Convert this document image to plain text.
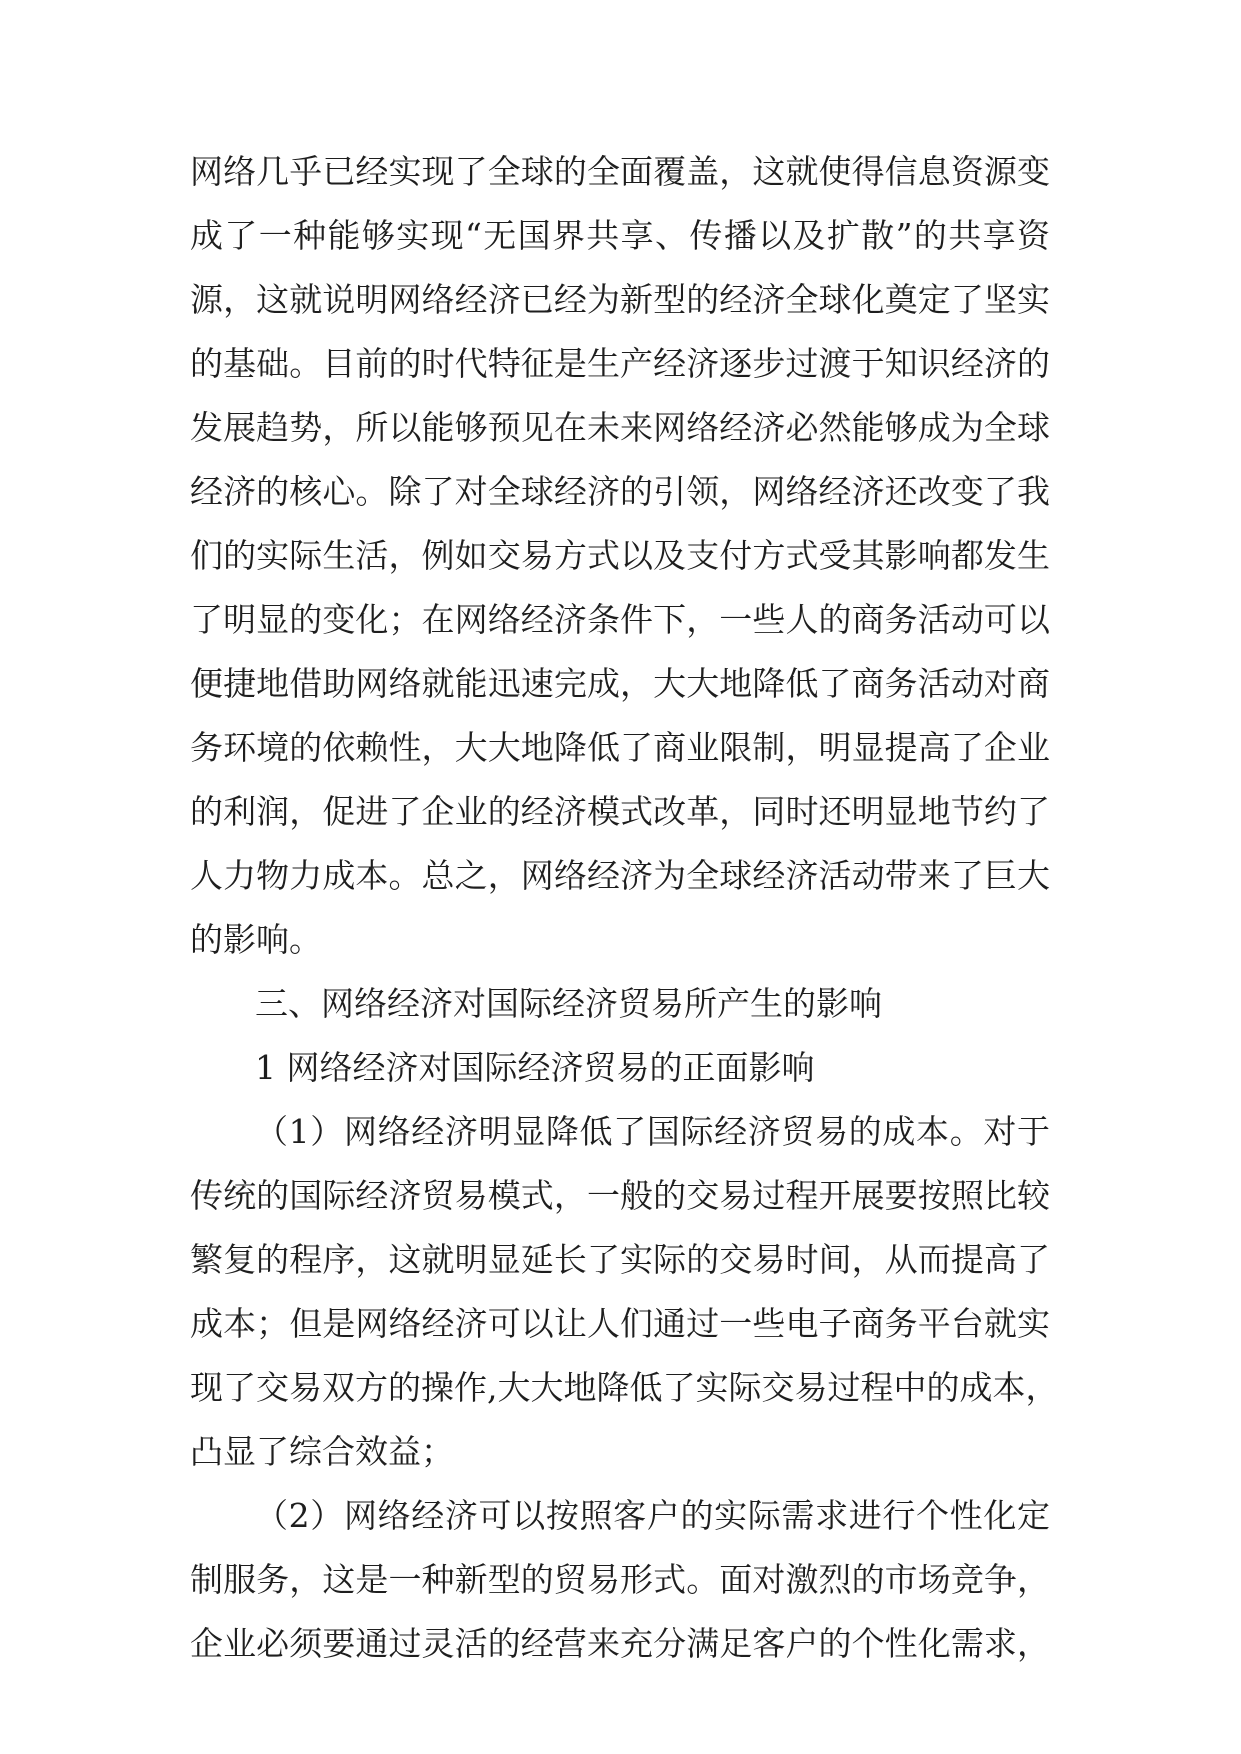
网络几乎已经实现了全球的全面覆盖，这就使得信息资源变
成了一种能够实现“无国界共享、传播以及扩散”的共享资
源，这就说明网络经济已经为新型的经济全球化奠定了坚实
的基础。目前的时代特征是生产经济逐步过渡于知识经济的
发展趋势，所以能够预见在未来网络经济必然能够成为全球
经济的核心。除了对全球经济的引领，网络经济还改变了我
们的实际生活，例如交易方式以及支付方式受其影响都发生
了明显的变化；在网络经济条件下，一些人的商务活动可以
便捷地借助网络就能迅速完成，大大地降低了商务活动对商
务环境的依赖性，大大地降低了商业限制，明显提高了企业
的利润，促进了企业的经济模式改革，同时还明显地节约了
人力物力成本。总之，网络经济为全球经济活动带来了巨大
的影响。
三、网络经济对国际经济贸易所产生的影响
1 网络经济对国际经济贸易的正面影响
（1）网络经济明显降低了国际经济贸易的成本。对于
传统的国际经济贸易模式，一般的交易过程开展要按照比较
繁复的程序，这就明显延长了实际的交易时间，从而提高了
成本；但是网络经济可以让人们通过一些电子商务平台就实
现了交易双方的操作,大大地降低了实际交易过程中的成本，
凸显了综合效益；
（2）网络经济可以按照客户的实际需求进行个性化定
制服务，这是一种新型的贸易形式。面对激烈的市场竞争，
企业必须要通过灵活的经营来充分满足客户的个性化需求，
